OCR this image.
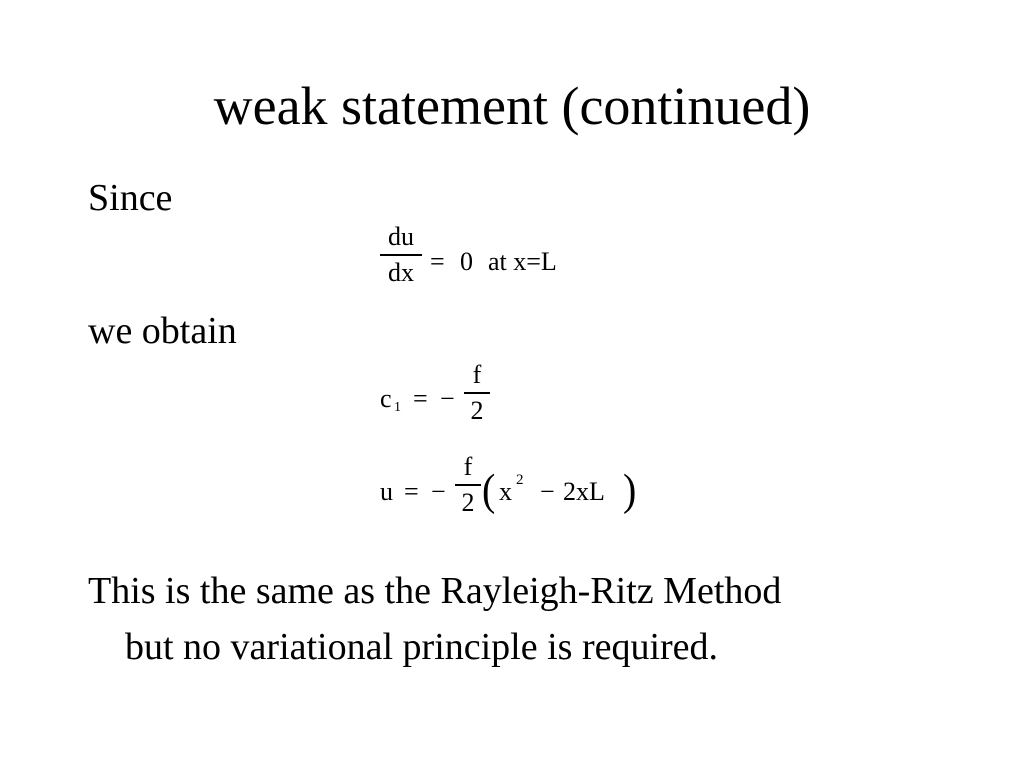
weak statement (continued)
Since
du
dx = 0 at x=L
we obtain
c 1 = −
f
2
u = −
f
2 ( x 2 − 2xL )
This is the same as the Rayleigh-Ritz Method
but no variational principle is required.
